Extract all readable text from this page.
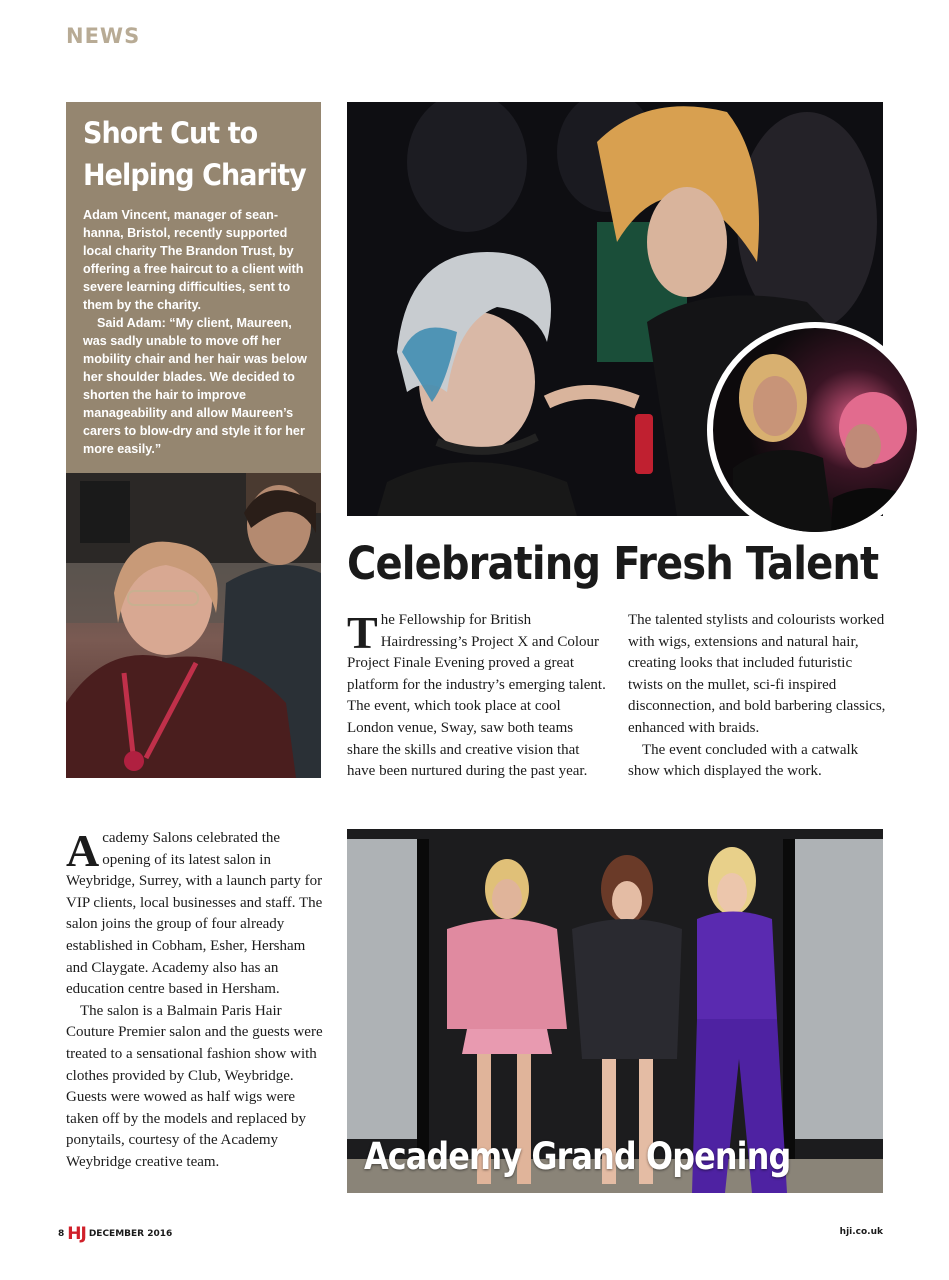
NEWS
Short Cut to
Helping Charity

Adam Vincent, manager of sean-hanna, Bristol, recently supported local charity The Brandon Trust, by offering a free haircut to a client with severe learning difficulties, sent to them by the charity.

Said Adam: “My client, Maureen, was sadly unable to move off her mobility chair and her hair was below her shoulder blades. We decided to shorten the hair to improve manageability and allow Maureen’s carers to blow-dry and style it for her more easily.”

Celebrating Fresh Talent

The Fellowship for British Hairdressing’s Project X and Colour Project Finale Evening proved a great platform for the industry’s emerging talent. The event, which took place at cool London venue, Sway, saw both teams share the skills and creative vision that have been nurtured during the past year.

The talented stylists and colourists worked with wigs, extensions and natural hair, creating looks that included futuristic twists on the mullet, sci-fi inspired disconnection, and bold barbering classics, enhanced with braids.

The event concluded with a catwalk show which displayed the work.

Academy Salons celebrated the opening of its latest salon in Weybridge, Surrey, with a launch party for VIP clients, local businesses and staff. The salon joins the group of four already established in Cobham, Esher, Hersham and Claygate. Academy also has an education centre based in Hersham.

The salon is a Balmain Paris Hair Couture Premier salon and the guests were treated to a sensational fashion show with clothes provided by Club, Weybridge. Guests were wowed as half wigs were taken off by the models and replaced by ponytails, courtesy of the Academy Weybridge creative team.	Academy Grand Opening
8 HJ DECEMBER 2016	hji.co.uk
